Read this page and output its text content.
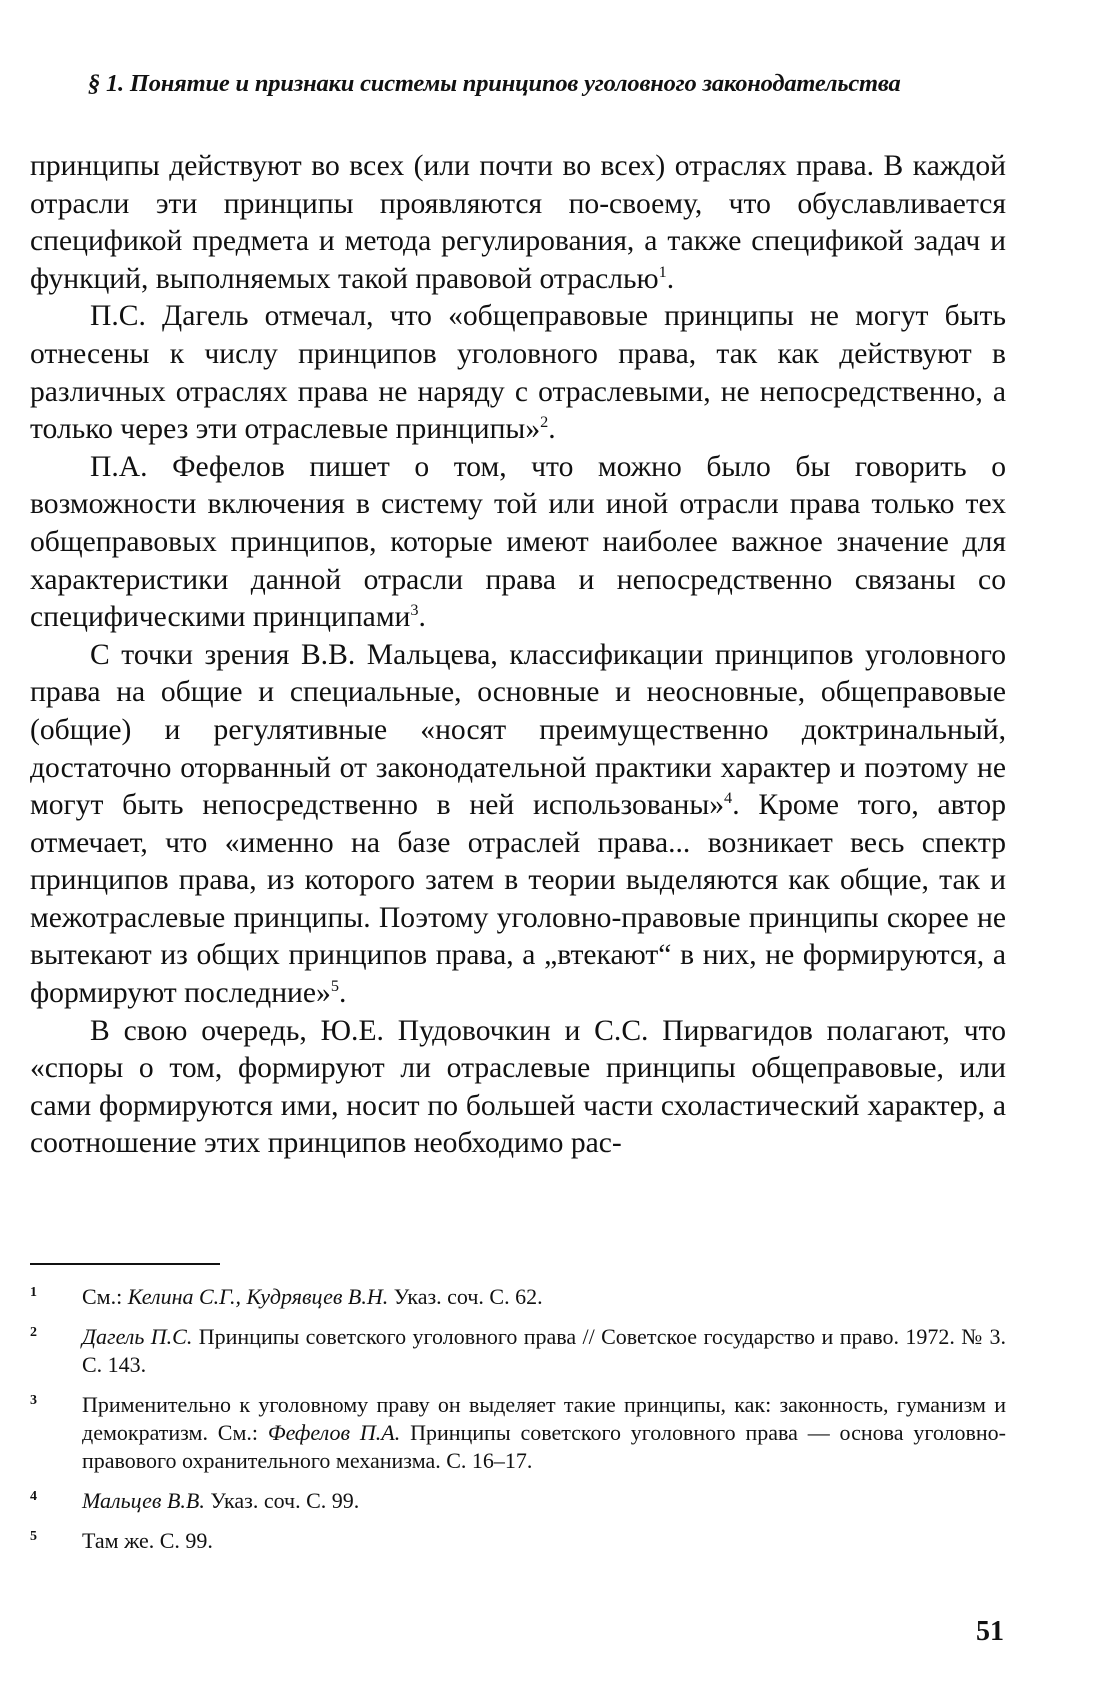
§ 1. Понятие и признаки системы принципов уголовного законодательства

принципы действуют во всех (или почти во всех) отраслях права. В каждой отрасли эти принципы проявляются по-своему, что обуславливается спецификой предмета и метода регулирования, а также спецификой задач и функций, выполняемых такой правовой отраслью$^1$.

П.С. Дагель отмечал, что «общеправовые принципы не могут быть отнесены к числу принципов уголовного права, так как действуют в различных отраслях права не наряду с отраслевыми, не непосредственно, а только через эти отраслевые принципы»$^2$.

П.А. Фефелов пишет о том, что можно было бы говорить о возможности включения в систему той или иной отрасли права только тех общеправовых принципов, которые имеют наиболее важное значение для характеристики данной отрасли права и непосредственно связаны со специфическими принципами$^3$.

С точки зрения В.В. Мальцева, классификации принципов уголовного права на общие и специальные, основные и неосновные, общеправовые (общие) и регулятивные «носят преимущественно доктринальный, достаточно оторванный от законодательной практики характер и поэтому не могут быть непосредственно в ней использованы»$^4$. Кроме того, автор отмечает, что «именно на базе отраслей права... возникает весь спектр принципов права, из которого затем в теории выделяются как общие, так и межотраслевые принципы. Поэтому уголовно-правовые принципы скорее не вытекают из общих принципов права, а „втекают“ в них, не формируются, а формируют последние»$^5$.

В свою очередь, Ю.Е. Пудовочкин и С.С. Пирвагидов полагают, что «споры о том, формируют ли отраслевые принципы общеправовые, или сами формируются ими, носит по большей части схоластический характер, а соотношение этих принципов необходимо рас-

1 См.: Келина С.Г., Кудрявцев В.Н. Указ. соч. С. 62.
2 Дагель П.С. Принципы советского уголовного права // Советское государство и право. 1972. № 3. С. 143.
3 Применительно к уголовному праву он выделяет такие принципы, как: законность, гуманизм и демократизм. См.: Фефелов П.А. Принципы советского уголовного права — основа уголовно-правового охранительного механизма. С. 16–17.
4 Мальцев В.В. Указ. соч. С. 99.
5 Там же. С. 99.
51
